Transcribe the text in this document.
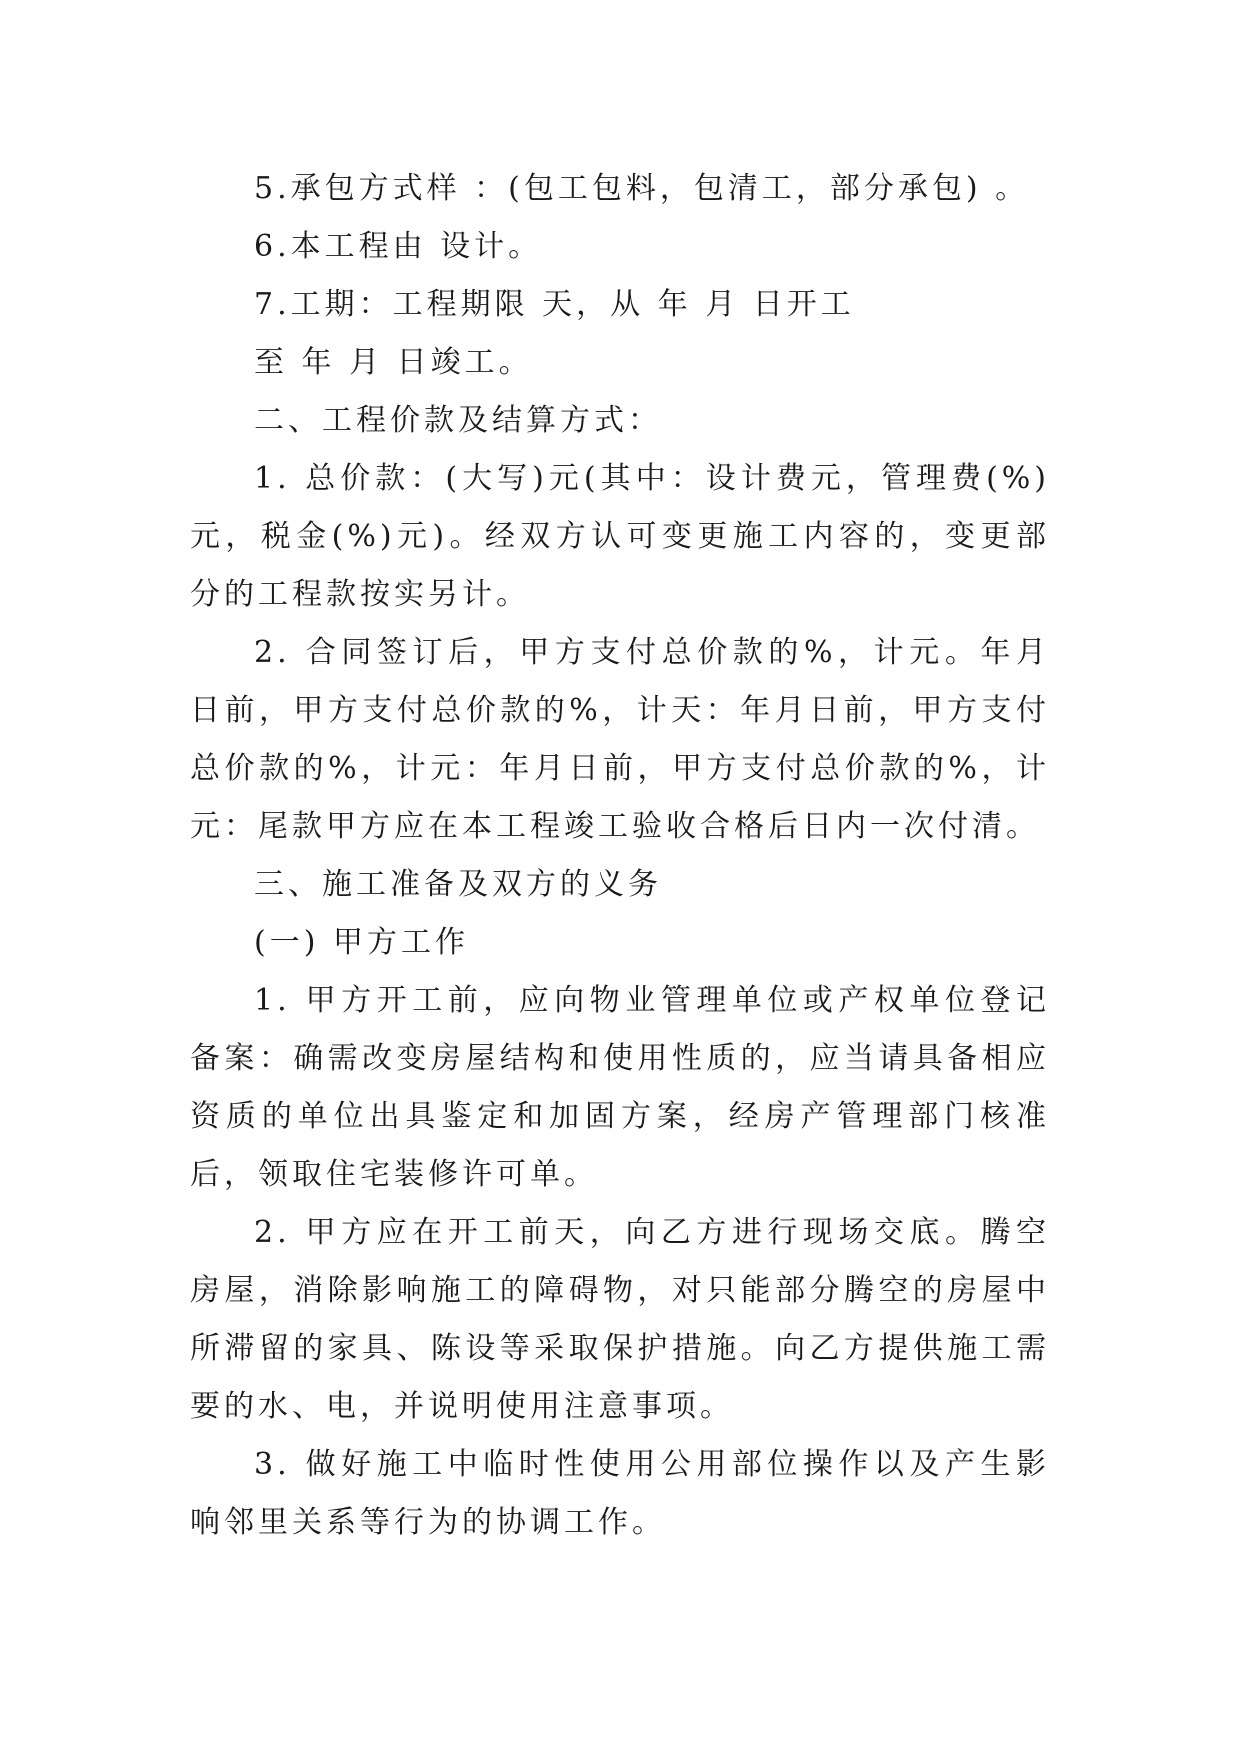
5.承包方式样 ：(包工包料，包清工，部分承包) 。

6.本工程由 设计。

7.工期：工程期限 天，从 年 月 日开工

至 年 月 日竣工。

二、工程价款及结算方式：

1. 总价款：(大写)元(其中：设计费元，管理费(%)元，税金(%)元)。经双方认可变更施工内容的，变更部分的工程款按实另计。

2. 合同签订后，甲方支付总价款的%，计元。年月日前，甲方支付总价款的%，计天：年月日前，甲方支付总价款的%，计元：年月日前，甲方支付总价款的%，计元：尾款甲方应在本工程竣工验收合格后日内一次付清。

三、施工准备及双方的义务

(一) 甲方工作

1. 甲方开工前，应向物业管理单位或产权单位登记备案：确需改变房屋结构和使用性质的，应当请具备相应资质的单位出具鉴定和加固方案，经房产管理部门核准后，领取住宅装修许可单。

2. 甲方应在开工前天，向乙方进行现场交底。腾空房屋，消除影响施工的障碍物，对只能部分腾空的房屋中所滞留的家具、陈设等采取保护措施。向乙方提供施工需要的水、电，并说明使用注意事项。

3. 做好施工中临时性使用公用部位操作以及产生影响邻里关系等行为的协调工作。
